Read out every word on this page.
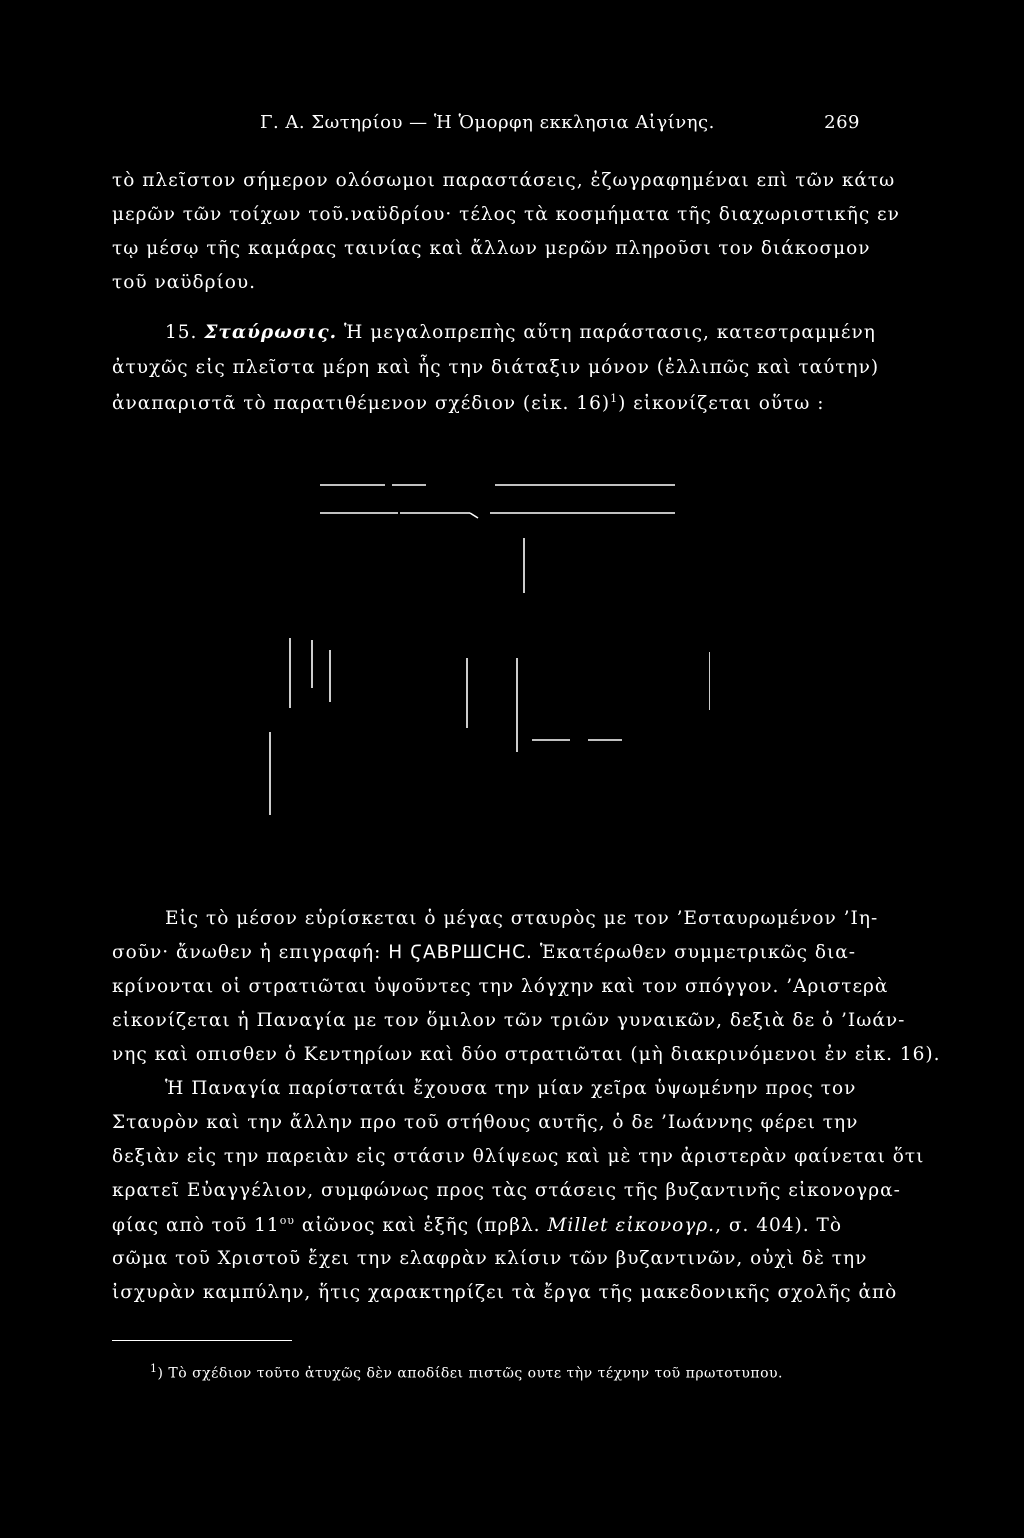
Γ. Α. Σωτηρίου — Ἡ Ὁμορφη εκκλησια Αἰγίνης.	269
τὸ πλεῖστον σήμερον ολόσωμοι παραστάσεις, ἐζωγραφημέναι επὶ τῶν κάτω
μερῶν τῶν τοίχων τοῦ.ναϋδρίου· τέλος τὰ κοσμήματα τῆς διαχωριστικῆς εν
τῳ μέσῳ τῆς καμάρας ταινίας καὶ ἄλλων μερῶν πληροῦσι τον διάκοσμον
τοῦ ναϋδρίου.
15. Σταύρωσις. Ἡ μεγαλοπρεπὴς αὕτη παράστασις, κατεστραμμένη
ἀτυχῶς εἰς πλεῖστα μέρη καὶ ἧς την διάταξιν μόνον (ἐλλιπῶς καὶ ταύτην)
ἀναπαριστᾶ τὸ παρατιθέμενον σχέδιον (εἰκ. 16)$^1$) εἰκονίζεται οὕτω :
Εἰς τὸ μέσον εὑρίσκεται ὁ μέγας σταυρὸς με τον ’Εσταυρωμένον ’Ιη-
σοῦν· ἄνωθεν ἡ επιγραφή: Η ϚΑΒΡШСΗС. Ἑκατέρωθεν συμμετρικῶς δια-
κρίνονται οἱ στρατιῶται ὑψοῦντες την λόγχην καὶ τον σπόγγον. ’Αριστερὰ
εἰκονίζεται ἡ Παναγία με τον ὅμιλον τῶν τριῶν γυναικῶν, δεξιὰ δε ὁ ’Ιωάν-
νης καὶ οπισθεν ὁ Κεντηρίων καὶ δύο στρατιῶται (μὴ διακρινόμενοι ἐν εἰκ. 16).
Ἡ Παναγία παρίστατάι ἔχουσα την μίαν χεῖρα ὑψωμένην προς τον
Σταυρὸν καὶ την ἄλλην προ τοῦ στήθους αυτῆς, ὁ δε ’Ιωάννης φέρει την
δεξιὰν εἰς την παρειὰν εἰς στάσιν θλίψεως καὶ μὲ την ἀριστερὰν φαίνεται ὅτι
κρατεῖ Εὐαγγέλιον, συμφώνως προς τὰς στάσεις τῆς βυζαντινῆς εἰκονογρα-
φίας απὸ τοῦ $11^{o\upsilon}$ αἰῶνος καὶ ἑξῆς (πρβλ. Millet εἰκονογρ., σ. 404). Τὸ
σῶμα τοῦ Χριστοῦ ἔχει την ελαφρὰν κλίσιν τῶν βυζαντινῶν, οὐχὶ δὲ την
ἰσχυρὰν καμπύλην, ἥτις χαρακτηρίζει τὰ ἔργα τῆς μακεδονικῆς σχολῆς ἀπὸ
$^1$) Τὸ σχέδιον τοῦτο ἀτυχῶς δὲν αποδίδει πιστῶς ουτε τὴν τέχνην τοῦ πρωτοτυπου.
